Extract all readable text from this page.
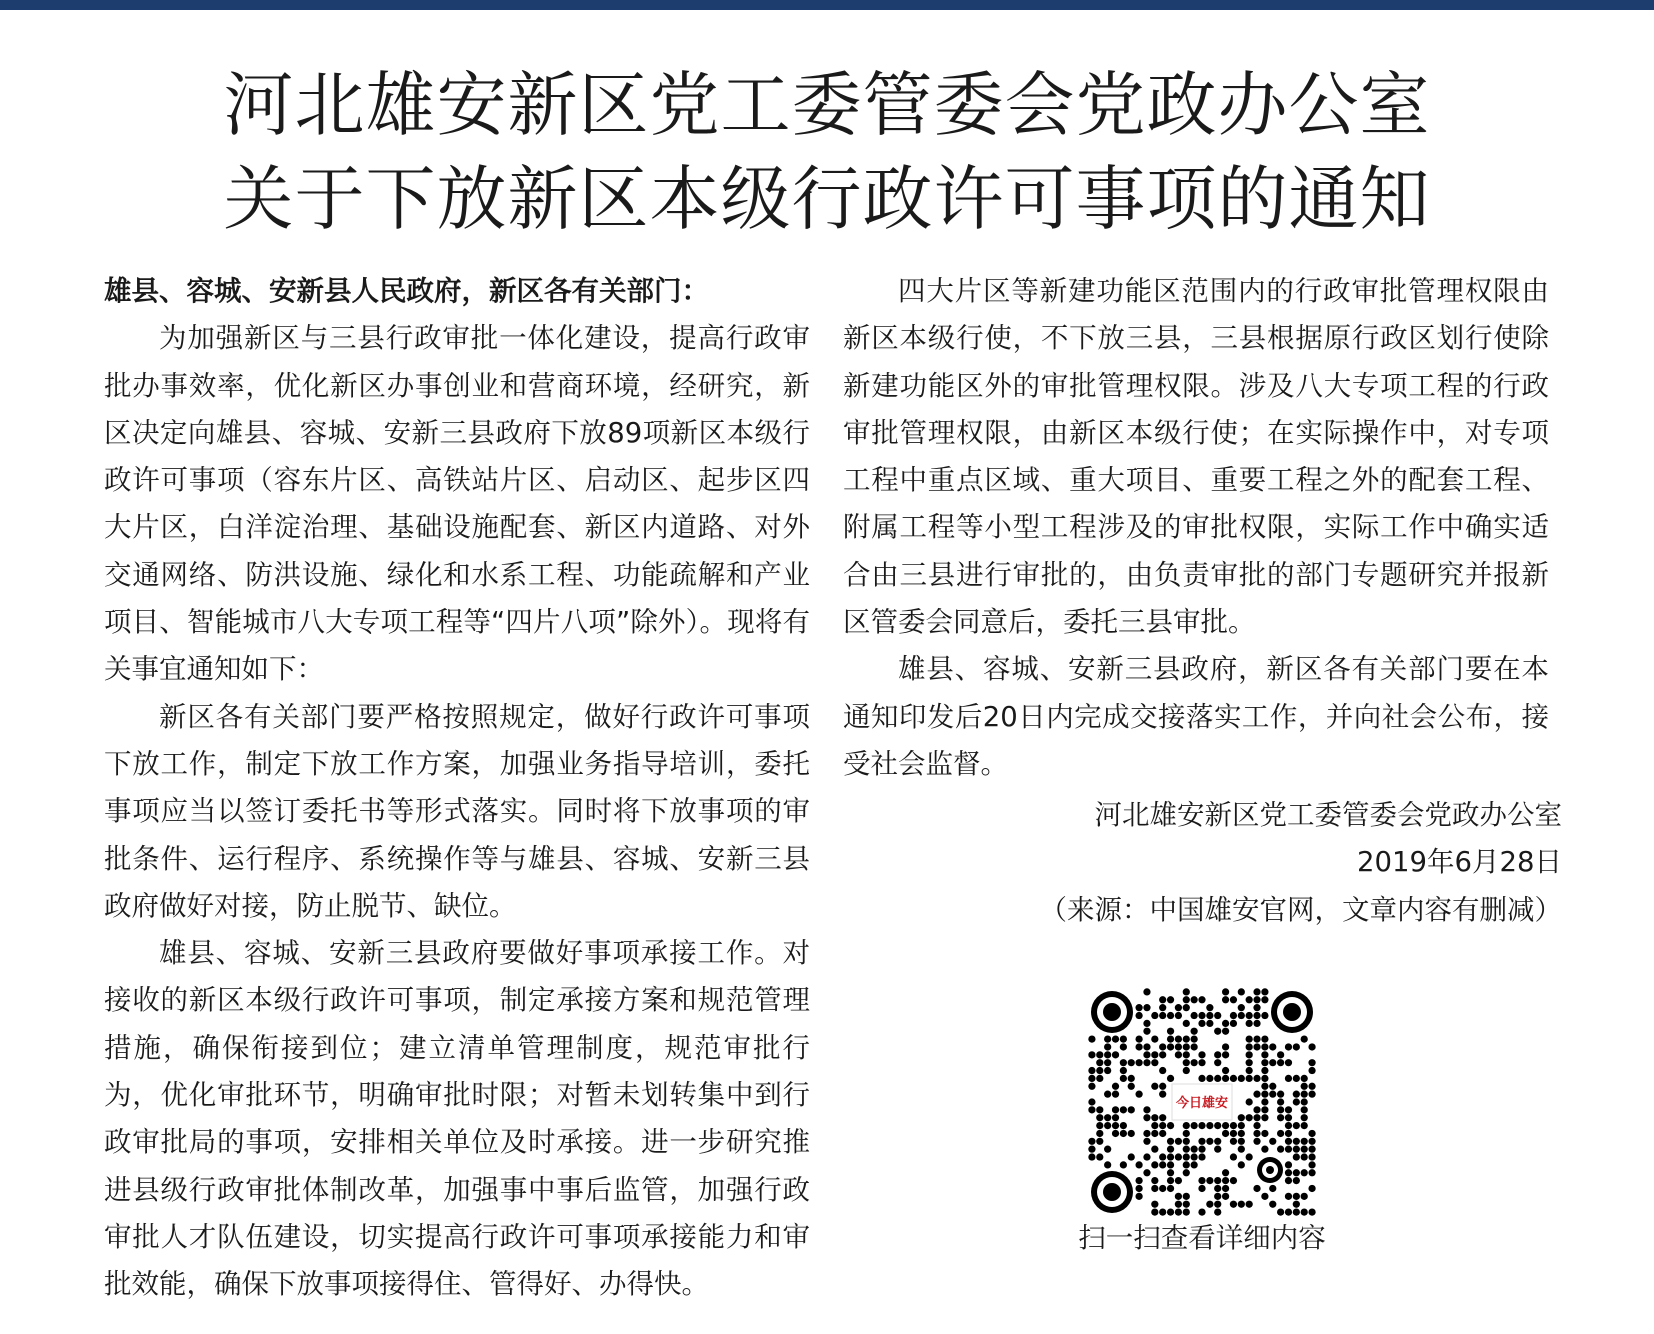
河北雄安新区党工委管委会党政办公室
关于下放新区本级行政许可事项的通知

雄县、容城、安新县人民政府，新区各有关部门：

为加强新区与三县行政审批一体化建设，提高行政审批办事效率，优化新区办事创业和营商环境，经研究，新区决定向雄县、容城、安新三县政府下放89项新区本级行政许可事项（容东片区、高铁站片区、启动区、起步区四大片区，白洋淀治理、基础设施配套、新区内道路、对外交通网络、防洪设施、绿化和水系工程、功能疏解和产业项目、智能城市八大专项工程等“四片八项”除外）。现将有关事宜通知如下：

新区各有关部门要严格按照规定，做好行政许可事项下放工作，制定下放工作方案，加强业务指导培训，委托事项应当以签订委托书等形式落实。同时将下放事项的审批条件、运行程序、系统操作等与雄县、容城、安新三县政府做好对接，防止脱节、缺位。

雄县、容城、安新三县政府要做好事项承接工作。对接收的新区本级行政许可事项，制定承接方案和规范管理措施，确保衔接到位；建立清单管理制度，规范审批行为，优化审批环节，明确审批时限；对暂未划转集中到行政审批局的事项，安排相关单位及时承接。进一步研究推进县级行政审批体制改革，加强事中事后监管，加强行政审批人才队伍建设，切实提高行政许可事项承接能力和审批效能，确保下放事项接得住、管得好、办得快。

四大片区等新建功能区范围内的行政审批管理权限由新区本级行使，不下放三县，三县根据原行政区划行使除新建功能区外的审批管理权限。涉及八大专项工程的行政审批管理权限，由新区本级行使；在实际操作中，对专项工程中重点区域、重大项目、重要工程之外的配套工程、附属工程等小型工程涉及的审批权限，实际工作中确实适合由三县进行审批的，由负责审批的部门专题研究并报新区管委会同意后，委托三县审批。

雄县、容城、安新三县政府，新区各有关部门要在本通知印发后20日内完成交接落实工作，并向社会公布，接受社会监督。

河北雄安新区党工委管委会党政办公室
2019年6月28日
（来源：中国雄安官网，文章内容有删减）
今日雄安
扫一扫查看详细内容
